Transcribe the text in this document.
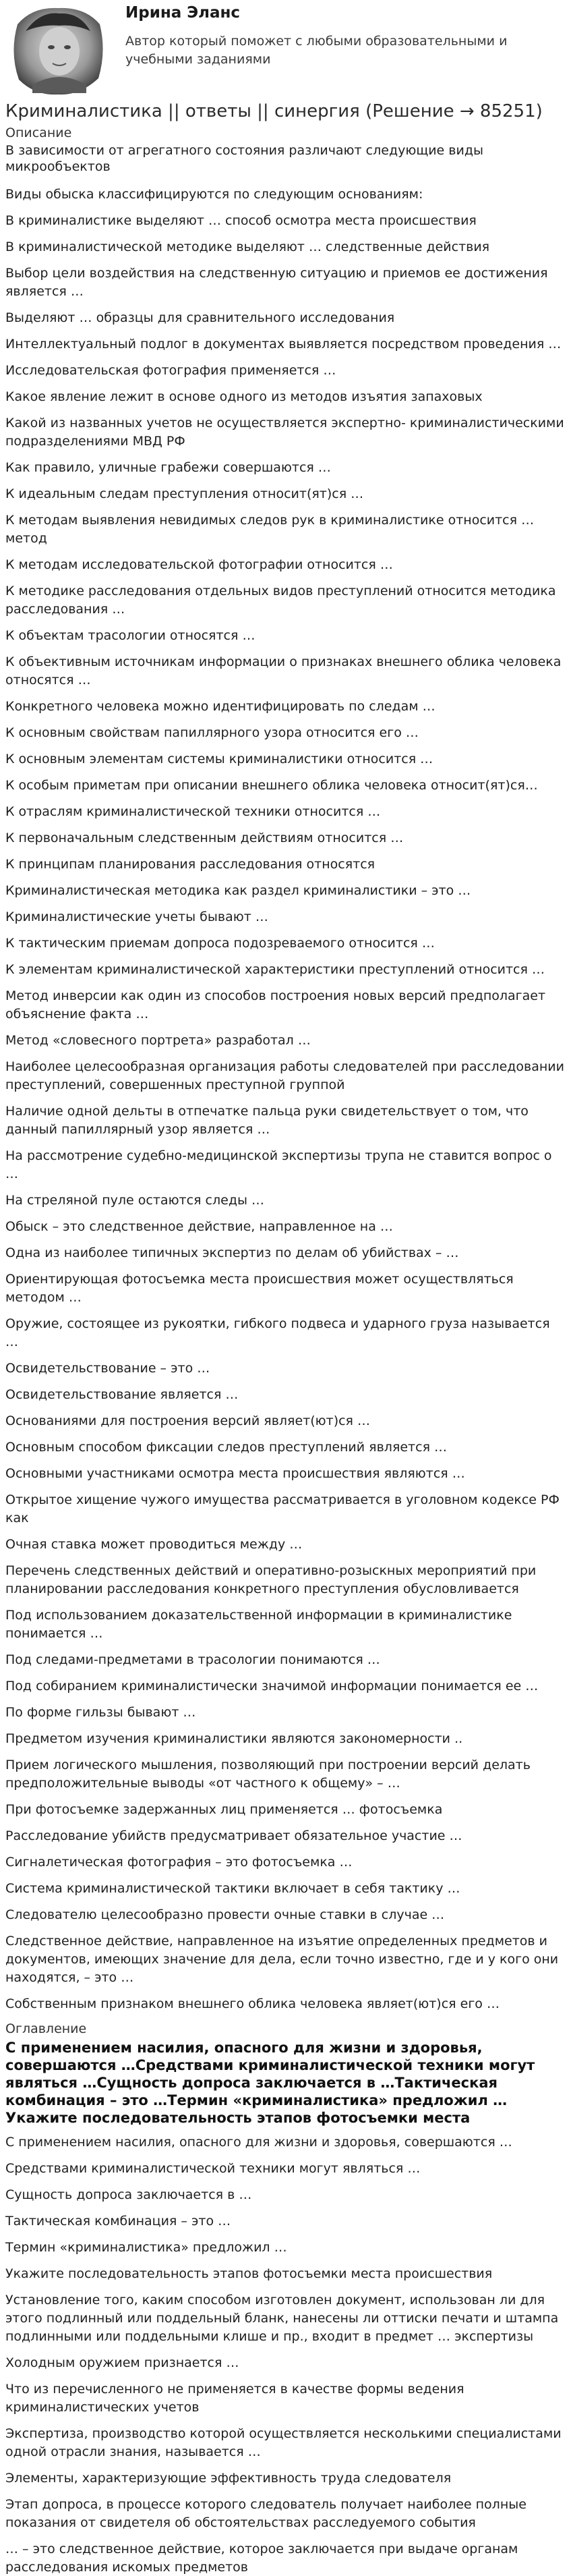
Ирина Эланс
Автор который поможет с любыми образовательными и учебными заданиями
Криминалистика || ответы || синергия (Решение → 85251)
Описание

В зависимости от агрегатного состояния различают следующие виды микрообъектов

Виды обыска классифицируются по следующим основаниям:

В криминалистике выделяют … способ осмотра места происшествия

В криминалистической методике выделяют … следственные действия

Выбор цели воздействия на следственную ситуацию и приемов ее достижения является …

Выделяют … образцы для сравнительного исследования

Интеллектуальный подлог в документах выявляется посредством проведения …

Исследовательская фотография применяется …

Какое явление лежит в основе одного из методов изъятия запаховых

Какой из названных учетов не осуществляется экспертно- криминалистическими подразделениями МВД РФ

Как правило, уличные грабежи совершаются …

К идеальным следам преступления относит(ят)ся …

К методам выявления невидимых следов рук в криминалистике относится … метод

К методам исследовательской фотографии относится …

К методике расследования отдельных видов преступлений относится методика расследования …

К объектам трасологии относятся …

К объективным источникам информации о признаках внешнего облика человека относятся …

Конкретного человека можно идентифицировать по следам …

К основным свойствам папиллярного узора относится его …

К основным элементам системы криминалистики относится …

К особым приметам при описании внешнего облика человека относит(ят)ся…

К отраслям криминалистической техники относится …

К первоначальным следственным действиям относится …

К принципам планирования расследования относятся

Криминалистическая методика как раздел криминалистики – это …

Криминалистические учеты бывают …

К тактическим приемам допроса подозреваемого относится …

К элементам криминалистической характеристики преступлений относится …

Метод инверсии как один из способов построения новых версий предполагает объяснение факта …

Метод «словесного портрета» разработал …

Наиболее целесообразная организация работы следователей при расследовании преступлений, совершенных преступной группой

Наличие одной дельты в отпечатке пальца руки свидетельствует о том, что данный папиллярный узор является …

На рассмотрение судебно-медицинской экспертизы трупа не ставится вопрос о …

На стреляной пуле остаются следы …

Обыск – это следственное действие, направленное на …

Одна из наиболее типичных экспертиз по делам об убийствах – …

Ориентирующая фотосъемка места происшествия может осуществляться методом …

Оружие, состоящее из рукоятки, гибкого подвеса и ударного груза называется …

Освидетельствование – это …

Освидетельствование является …

Основаниями для построения версий являет(ют)ся …

Основным способом фиксации следов преступлений является …

Основными участниками осмотра места происшествия являются …

Открытое хищение чужого имущества рассматривается в уголовном кодексе РФ как

Очная ставка может проводиться между …

Перечень следственных действий и оперативно-розыскных мероприятий при планировании расследования конкретного преступления обусловливается

Под использованием доказательственной информации в криминалистике понимается …

Под следами-предметами в трасологии понимаются …

Под собиранием криминалистически значимой информации понимается ее …

По форме гильзы бывают …

Предметом изучения криминалистики являются закономерности ..

Прием логического мышления, позволяющий при построении версий делать предположительные выводы «от частного к общему» – …

При фотосъемке задержанных лиц применяется … фотосъемка

Расследование убийств предусматривает обязательное участие …

Сигналетическая фотография – это фотосъемка …

Система криминалистической тактики включает в себя тактику …

Следователю целесообразно провести очные ставки в случае …

Следственное действие, направленное на изъятие определенных предметов и документов, имеющих значение для дела, если точно известно, где и у кого они находятся, – это …

Собственным признаком внешнего облика человека являет(ют)ся его …

Оглавление
С применением насилия, опасного для жизни и здоровья, совершаются …Средствами криминалистической техники могут являться …Сущность допроса заключается в …Тактическая комбинация – это …Термин «криминалистика» предложил …Укажите последовательность этапов фотосъемки места

С применением насилия, опасного для жизни и здоровья, совершаются …

Средствами криминалистической техники могут являться …

Сущность допроса заключается в …

Тактическая комбинация – это …

Термин «криминалистика» предложил …

Укажите последовательность этапов фотосъемки места происшествия

Установление того, каким способом изготовлен документ, использован ли для этого подлинный или поддельный бланк, нанесены ли оттиски печати и штампа подлинными или поддельными клише и пр., входит в предмет … экспертизы

Холодным оружием признается …

Что из перечисленного не применяется в качестве формы ведения криминалистических учетов

Экспертиза, производство которой осуществляется несколькими специалистами одной отрасли знания, называется …

Элементы, характеризующие эффективность труда следователя

Этап допроса, в процессе которого следователь получает наиболее полные показания от свидетеля об обстоятельствах расследуемого события

… – это следственное действие, которое заключается при выдаче органам расследования искомых предметов
